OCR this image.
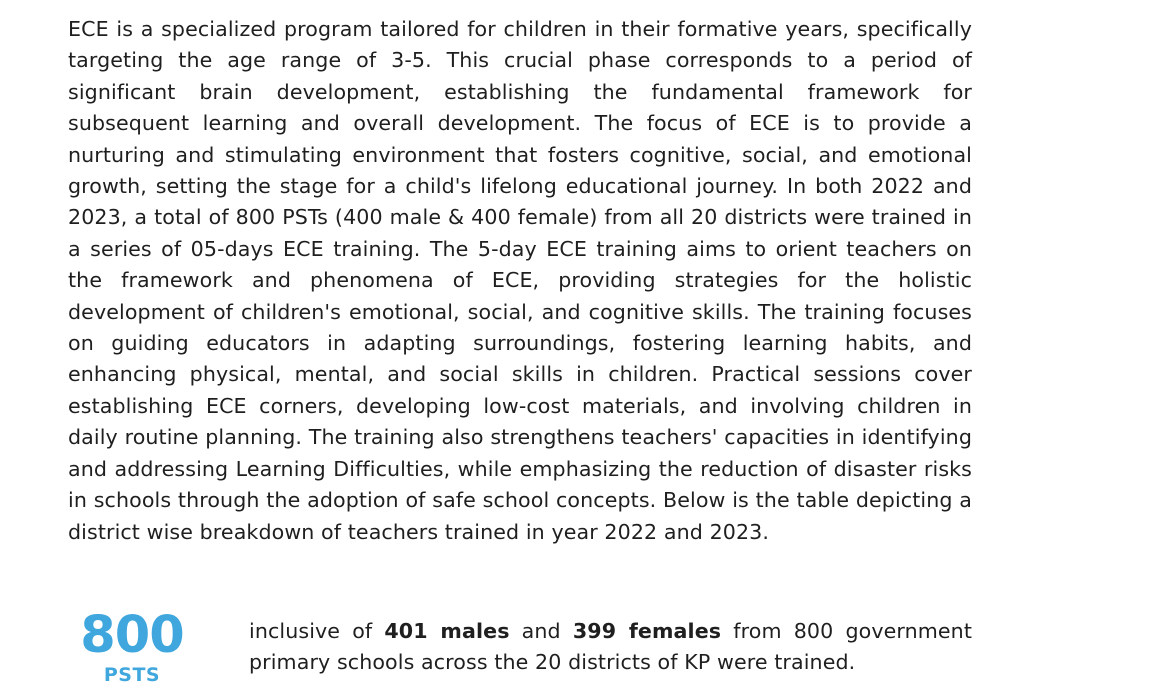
ECE is a specialized program tailored for children in their formative years, specifically targeting the age range of 3-5. This crucial phase corresponds to a period of significant brain development, establishing the fundamental framework for subsequent learning and overall development. The focus of ECE is to provide a nurturing and stimulating environment that fosters cognitive, social, and emotional growth, setting the stage for a child's lifelong educational journey. In both 2022 and 2023, a total of 800 PSTs (400 male & 400 female) from all 20 districts were trained in a series of 05-days ECE training. The 5-day ECE training aims to orient teachers on the framework and phenomena of ECE, providing strategies for the holistic development of children's emotional, social, and cognitive skills. The training focuses on guiding educators in adapting surroundings, fostering learning habits, and enhancing physical, mental, and social skills in children. Practical sessions cover establishing ECE corners, developing low-cost materials, and involving children in daily routine planning. The training also strengthens teachers' capacities in identifying and addressing Learning Difficulties, while emphasizing the reduction of disaster risks in schools through the adoption of safe school concepts. Below is the table depicting a district wise breakdown of teachers trained in year 2022 and 2023.

800
PSTS

inclusive of 401 males and 399 females from 800 government primary schools across the 20 districts of KP were trained.
